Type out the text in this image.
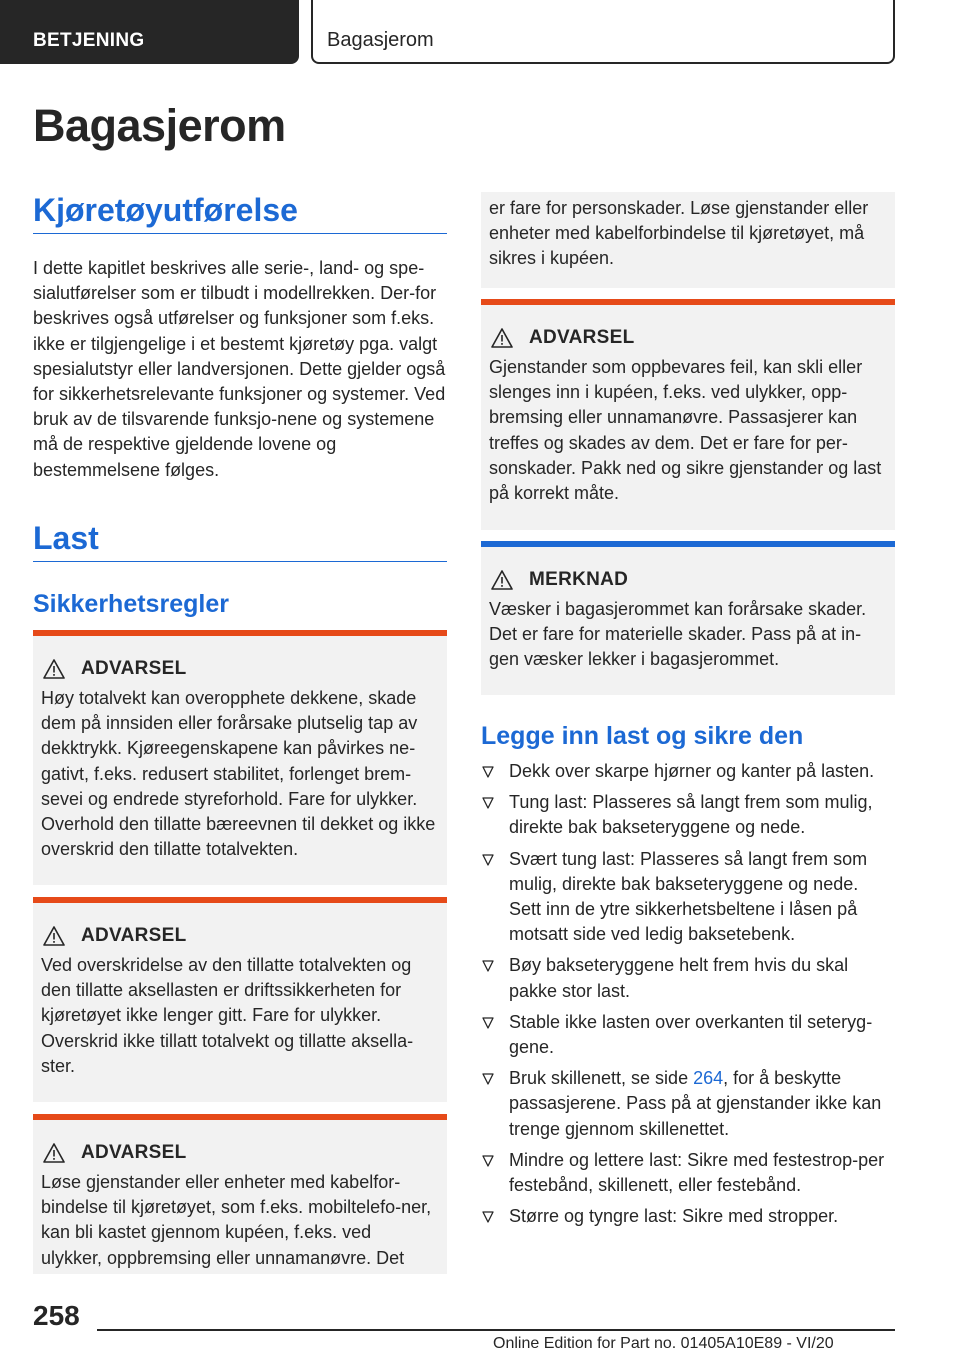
BETJENING	Bagasjerom
Bagasjerom
Kjøretøyutførelse

I dette kapitlet beskrives alle serie-, land- og spe-sialutførelser som er tilbudt i modellrekken. Der-for beskrives også utførelser og funksjoner som f.eks. ikke er tilgjengelige i et bestemt kjøretøy pga. valgt spesialutstyr eller landversjonen. Dette gjelder også for sikkerhetsrelevante funksjoner og systemer. Ved bruk av de tilsvarende funksjo-nene og systemene må de respektive gjeldende lovene og bestemmelsene følges.

Last
Sikkerhetsregler
ADVARSEL

Høy totalvekt kan overopphete dekkene, skade dem på innsiden eller forårsake plutselig tap av dekktrykk. Kjøreegenskapene kan påvirkes ne-gativt, f.eks. redusert stabilitet, forlenget brem-sevei og endrede styreforhold. Fare for ulykker. Overhold den tillatte bæreevnen til dekket og ikke overskrid den tillatte totalvekten.

ADVARSEL

Ved overskridelse av den tillatte totalvekten og den tillatte aksellasten er driftssikkerheten for kjøretøyet ikke lenger gitt. Fare for ulykker. Overskrid ikke tillatt totalvekt og tillatte aksella-ster.

ADVARSEL

Løse gjenstander eller enheter med kabelfor-bindelse til kjøretøyet, som f.eks. mobiltelefo-ner, kan bli kastet gjennom kupéen, f.eks. ved ulykker, oppbremsing eller unnamanøvre. Det

er fare for personskader. Løse gjenstander eller enheter med kabelforbindelse til kjøretøyet, må sikres i kupéen.

ADVARSEL

Gjenstander som oppbevares feil, kan skli eller slenges inn i kupéen, f.eks. ved ulykker, opp-bremsing eller unnamanøvre. Passasjerer kan treffes og skades av dem. Det er fare for per-sonskader. Pakk ned og sikre gjenstander og last på korrekt måte.

MERKNAD

Væsker i bagasjerommet kan forårsake skader. Det er fare for materielle skader. Pass på at in-gen væsker lekker i bagasjerommet.

Legge inn last og sikre den
Dekk over skarpe hjørner og kanter på lasten.
Tung last: Plasseres så langt frem som mulig, direkte bak bakseteryggene og nede.
Svært tung last: Plasseres så langt frem som mulig, direkte bak bakseteryggene og nede. Sett inn de ytre sikkerhetsbeltene i låsen på motsatt side ved ledig baksetebenk.
Bøy bakseteryggene helt frem hvis du skal pakke stor last.
Stable ikke lasten over overkanten til seteryg-gene.
Bruk skillenett, se side 264, for å beskytte passasjerene. Pass på at gjenstander ikke kan trenge gjennom skillenettet.
Mindre og lettere last: Sikre med festestrop-per festebånd, skillenett, eller festebånd.
Større og tyngre last: Sikre med stropper.
258
Online Edition for Part no. 01405A10E89 - VI/20
